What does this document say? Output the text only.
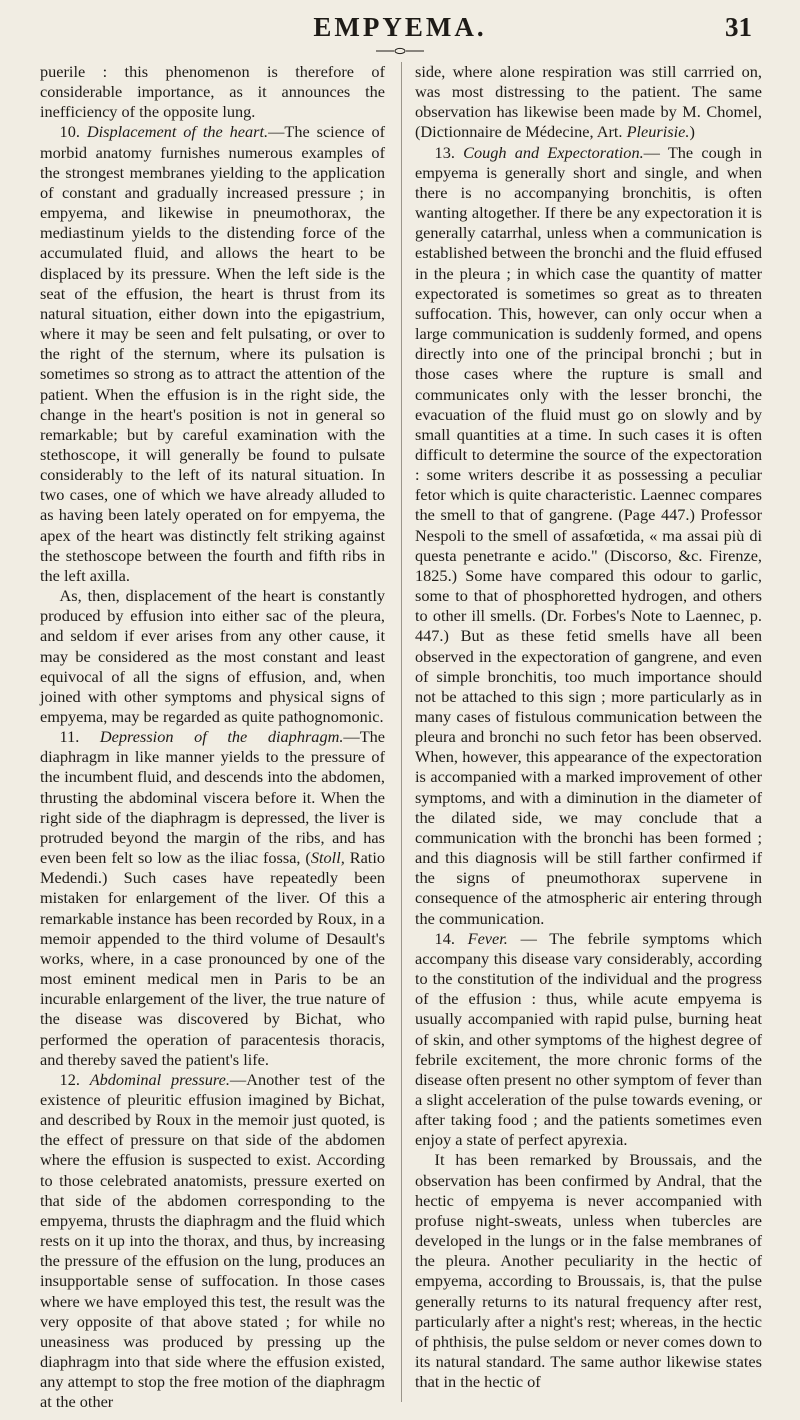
EMPYEMA.	31

puerile : this phenomenon is therefore of considerable importance, as it announces the inefficiency of the opposite lung.

10. Displacement of the heart.—The science of morbid anatomy furnishes numerous examples of the strongest membranes yielding to the application of constant and gradually increased pressure ; in empyema, and likewise in pneumothorax, the mediastinum yields to the distending force of the accumulated fluid, and allows the heart to be displaced by its pressure. When the left side is the seat of the effusion, the heart is thrust from its natural situation, either down into the epigastrium, where it may be seen and felt pulsating, or over to the right of the sternum, where its pulsation is sometimes so strong as to attract the attention of the patient. When the effusion is in the right side, the change in the heart's position is not in general so remarkable; but by careful examination with the stethoscope, it will generally be found to pulsate considerably to the left of its natural situation. In two cases, one of which we have already alluded to as having been lately operated on for empyema, the apex of the heart was distinctly felt striking against the stethoscope between the fourth and fifth ribs in the left axilla.

As, then, displacement of the heart is constantly produced by effusion into either sac of the pleura, and seldom if ever arises from any other cause, it may be considered as the most constant and least equivocal of all the signs of effusion, and, when joined with other symptoms and physical signs of empyema, may be regarded as quite pathognomonic.

11. Depression of the diaphragm.—The diaphragm in like manner yields to the pressure of the incumbent fluid, and descends into the abdomen, thrusting the abdominal viscera before it. When the right side of the diaphragm is depressed, the liver is protruded beyond the margin of the ribs, and has even been felt so low as the iliac fossa, (Stoll, Ratio Medendi.) Such cases have repeatedly been mistaken for enlargement of the liver. Of this a remarkable instance has been recorded by Roux, in a memoir appended to the third volume of Desault's works, where, in a case pronounced by one of the most eminent medical men in Paris to be an incurable enlargement of the liver, the true nature of the disease was discovered by Bichat, who performed the operation of paracentesis thoracis, and thereby saved the patient's life.

12. Abdominal pressure.—Another test of the existence of pleuritic effusion imagined by Bichat, and described by Roux in the memoir just quoted, is the effect of pressure on that side of the abdomen where the effusion is suspected to exist. According to those celebrated anatomists, pressure exerted on that side of the abdomen corresponding to the empyema, thrusts the diaphragm and the fluid which rests on it up into the thorax, and thus, by increasing the pressure of the effusion on the lung, produces an insupportable sense of suffocation. In those cases where we have employed this test, the result was the very opposite of that above stated ; for while no uneasiness was produced by pressing up the diaphragm into that side where the effusion existed, any attempt to stop the free motion of the diaphragm at the other

side, where alone respiration was still carrried on, was most distressing to the patient. The same observation has likewise been made by M. Chomel, (Dictionnaire de Médecine, Art. Pleurisie.)

13. Cough and Expectoration.— The cough in empyema is generally short and single, and when there is no accompanying bronchitis, is often wanting altogether. If there be any expectoration it is generally catarrhal, unless when a communication is established between the bronchi and the fluid effused in the pleura ; in which case the quantity of matter expectorated is sometimes so great as to threaten suffocation. This, however, can only occur when a large communication is suddenly formed, and opens directly into one of the principal bronchi ; but in those cases where the rupture is small and communicates only with the lesser bronchi, the evacuation of the fluid must go on slowly and by small quantities at a time. In such cases it is often difficult to determine the source of the expectoration : some writers describe it as possessing a peculiar fetor which is quite characteristic. Laennec compares the smell to that of gangrene. (Page 447.) Professor Nespoli to the smell of assafœtida, « ma assai più di questa penetrante e acido." (Discorso, &c. Firenze, 1825.) Some have compared this odour to garlic, some to that of phosphoretted hydrogen, and others to other ill smells. (Dr. Forbes's Note to Laennec, p. 447.) But as these fetid smells have all been observed in the expectoration of gangrene, and even of simple bronchitis, too much importance should not be attached to this sign ; more particularly as in many cases of fistulous communication between the pleura and bronchi no such fetor has been observed. When, however, this appearance of the expectoration is accompanied with a marked improvement of other symptoms, and with a diminution in the diameter of the dilated side, we may conclude that a communication with the bronchi has been formed ; and this diagnosis will be still farther confirmed if the signs of pneumothorax supervene in consequence of the atmospheric air entering through the communication.

14. Fever. — The febrile symptoms which accompany this disease vary considerably, according to the constitution of the individual and the progress of the effusion : thus, while acute empyema is usually accompanied with rapid pulse, burning heat of skin, and other symptoms of the highest degree of febrile excitement, the more chronic forms of the disease often present no other symptom of fever than a slight acceleration of the pulse towards evening, or after taking food ; and the patients sometimes even enjoy a state of perfect apyrexia.

It has been remarked by Broussais, and the observation has been confirmed by Andral, that the hectic of empyema is never accompanied with profuse night-sweats, unless when tubercles are developed in the lungs or in the false membranes of the pleura. Another peculiarity in the hectic of empyema, according to Broussais, is, that the pulse generally returns to its natural frequency after rest, particularly after a night's rest; whereas, in the hectic of phthisis, the pulse seldom or never comes down to its natural standard. The same author likewise states that in the hectic of
